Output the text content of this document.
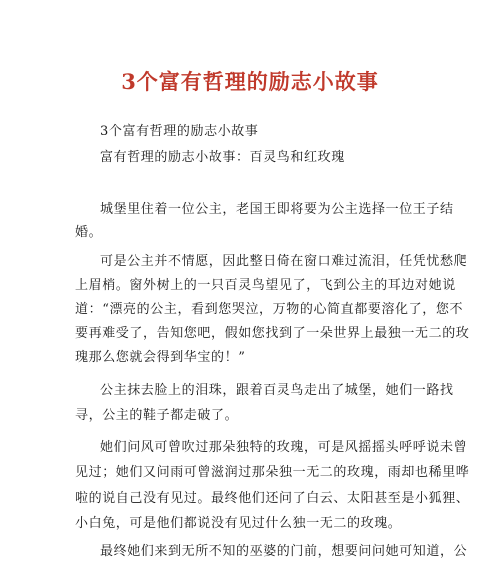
3个富有哲理的励志小故事
3个富有哲理的励志小故事
富有哲理的励志小故事：百灵鸟和红玫瑰
城堡里住着一位公主，老国王即将要为公主选择一位王子结
婚。
可是公主并不情愿，因此整日倚在窗口难过流泪，任凭忧愁爬
上眉梢。窗外树上的一只百灵鸟望见了，飞到公主的耳边对她说
道：“漂亮的公主，看到您哭泣，万物的心简直都要溶化了，您不
要再难受了，告知您吧，假如您找到了一朵世界上最独一无二的玫
瑰那么您就会得到华宝的！”
公主抹去脸上的泪珠，跟着百灵鸟走出了城堡，她们一路找
寻，公主的鞋子都走破了。
她们问风可曾吹过那朵独特的玫瑰，可是风摇摇头呼呼说未曾
见过；她们又问雨可曾滋润过那朵独一无二的玫瑰，雨却也稀里哗
啦的说自己没有见过。最终他们还问了白云、太阳甚至是小狐狸、
小白兔，可是他们都说没有见过什么独一无二的玫瑰。
最终她们来到无所不知的巫婆的门前，想要问问她可知道，公
